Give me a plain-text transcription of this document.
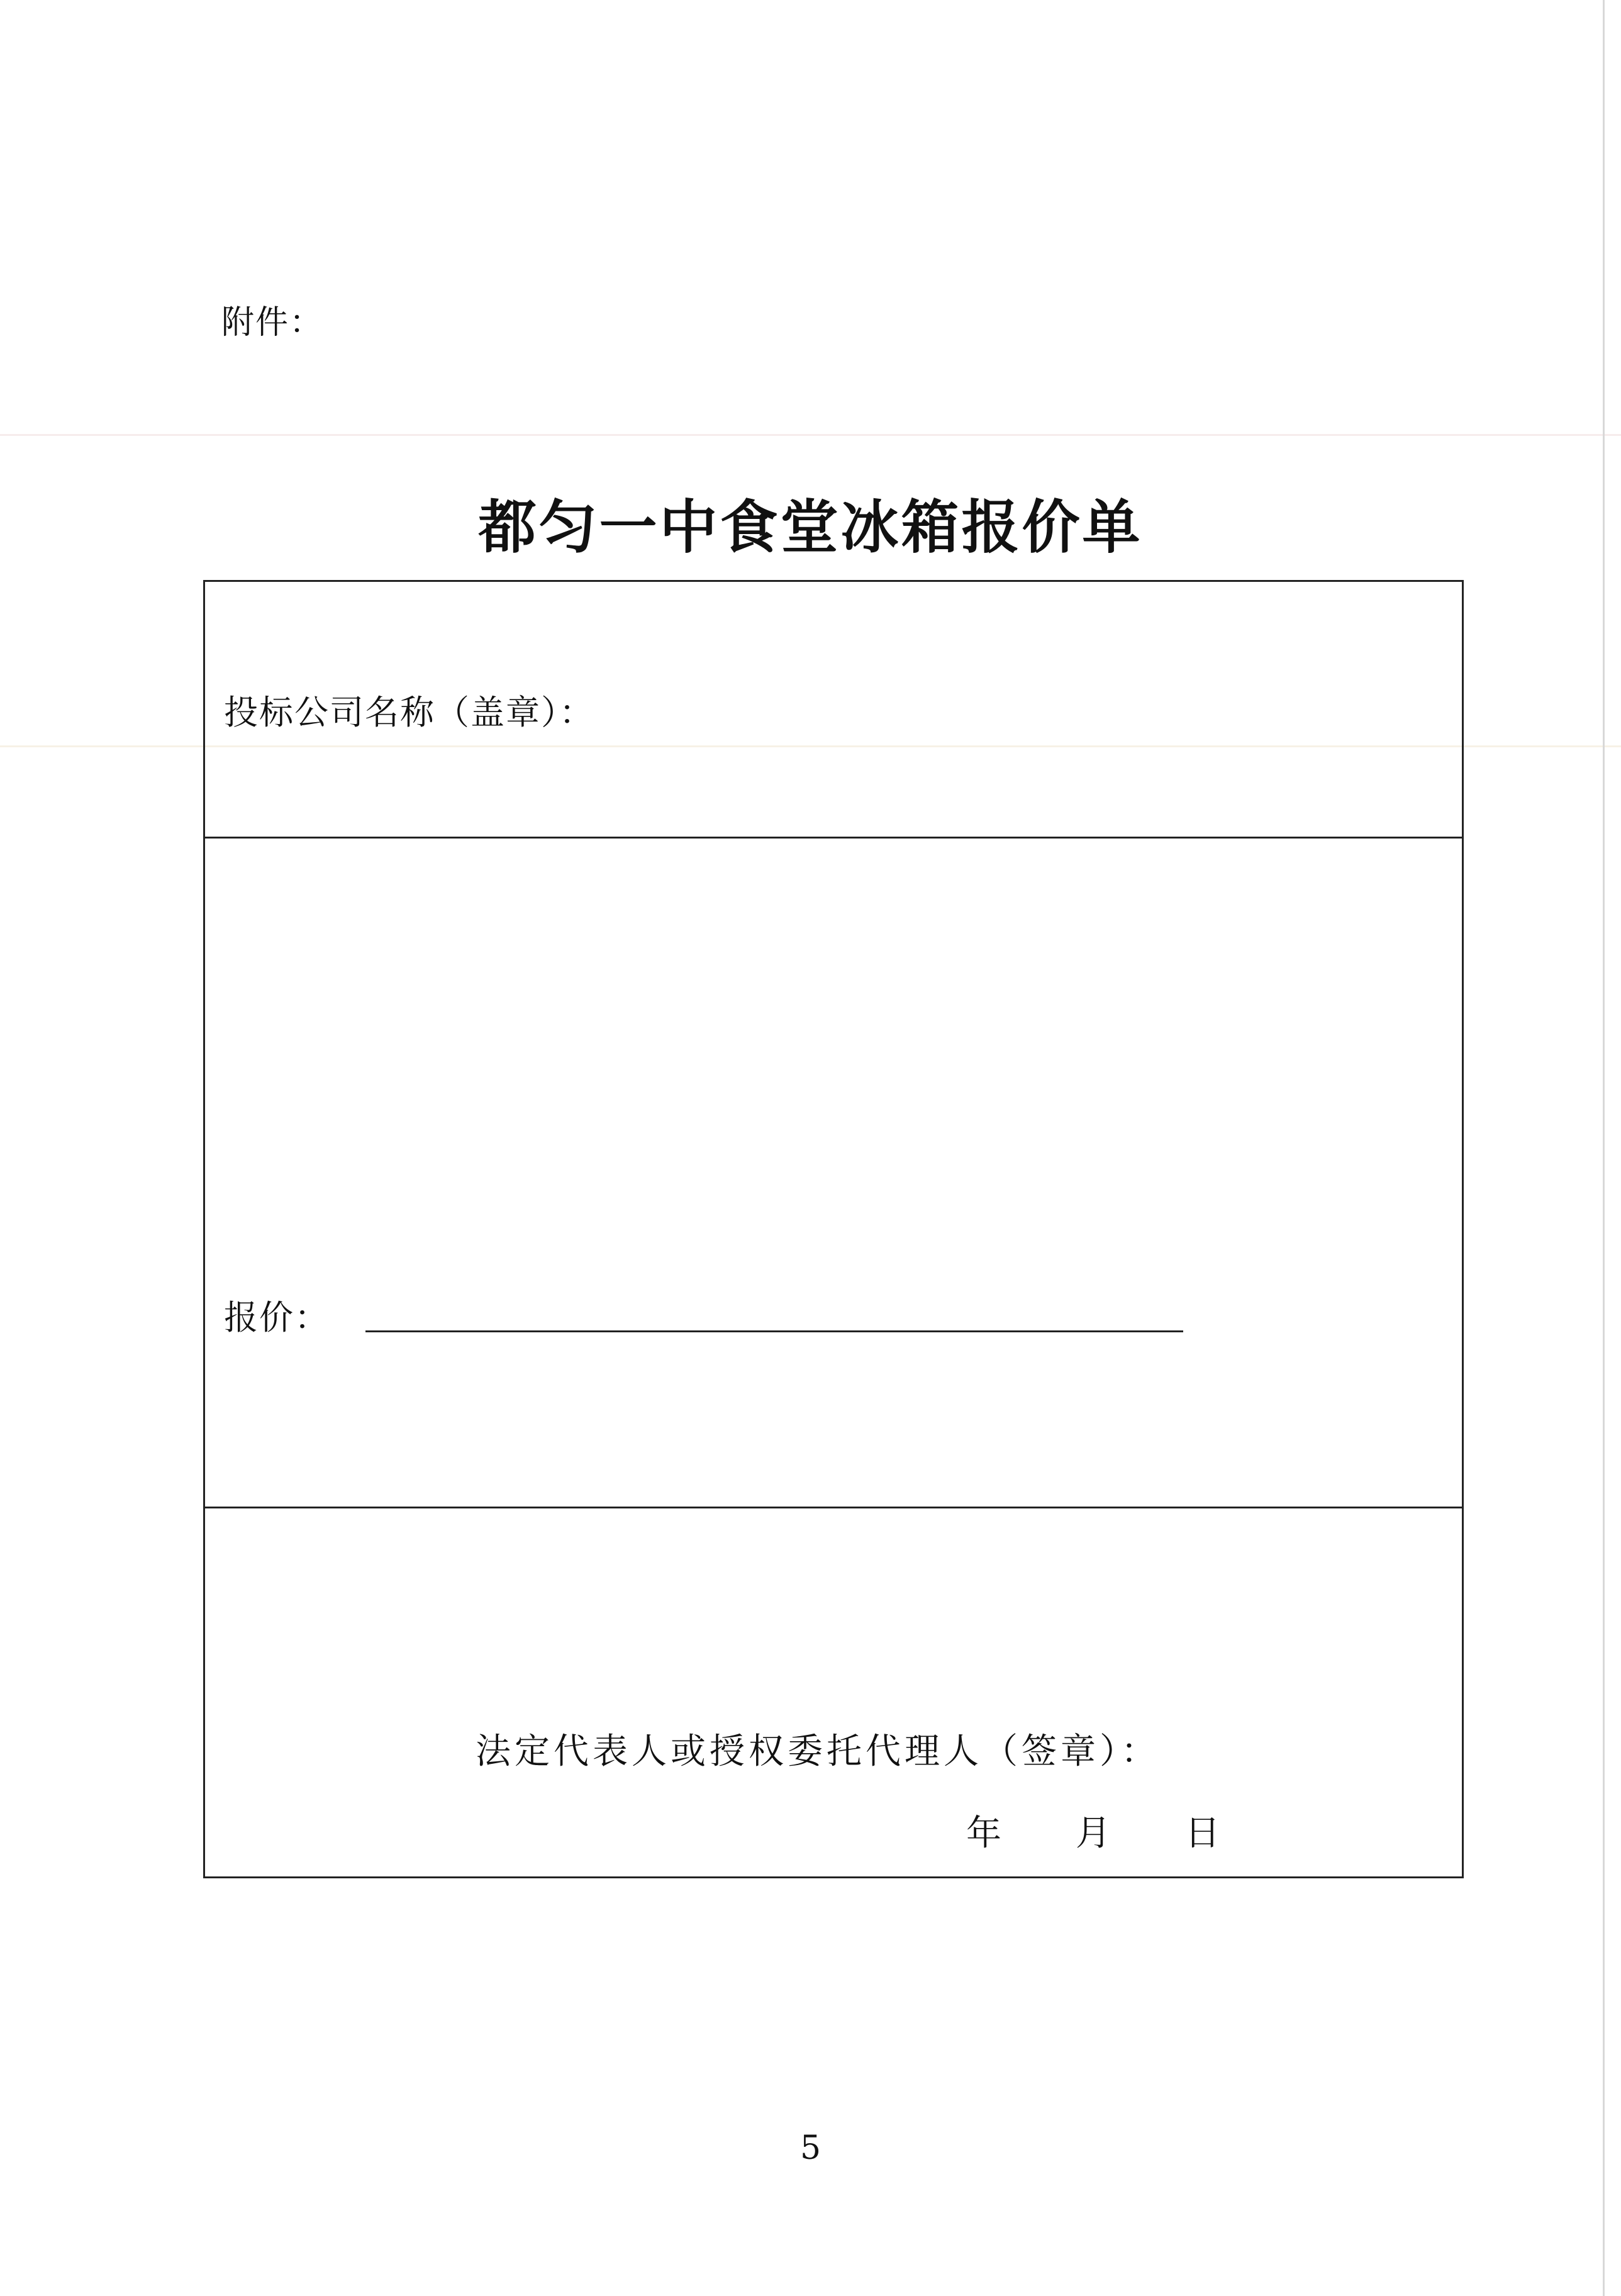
附件：
都匀一中食堂冰箱报价单
投标公司名称（盖章）：
报价：
法定代表人或授权委托代理人（签章）：
年 月 日
5
